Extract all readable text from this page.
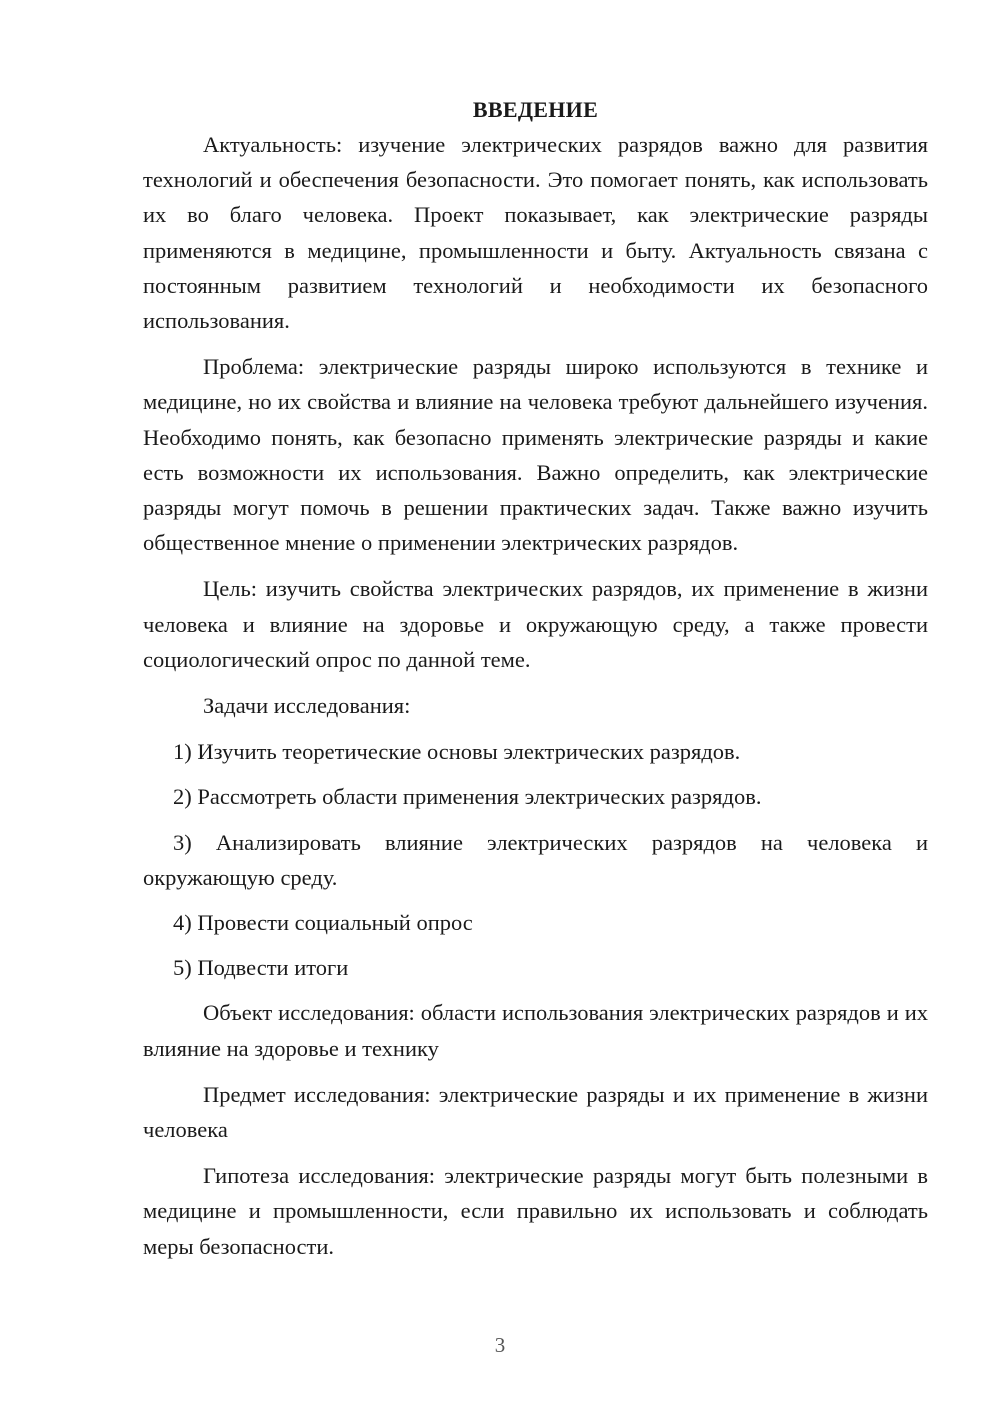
ВВЕДЕНИЕ

Актуальность: изучение электрических разрядов важно для развития технологий и обеспечения безопасности. Это помогает понять, как использовать их во благо человека. Проект показывает, как электрические разряды применяются в медицине, промышленности и быту. Актуальность связана с постоянным развитием технологий и необходимости их безопасного использования.

Проблема: электрические разряды широко используются в технике и медицине, но их свойства и влияние на человека требуют дальнейшего изучения. Необходимо понять, как безопасно применять электрические разряды и какие есть возможности их использования. Важно определить, как электрические разряды могут помочь в решении практических задач. Также важно изучить общественное мнение о применении электрических разрядов.

Цель: изучить свойства электрических разрядов, их применение в жизни человека и влияние на здоровье и окружающую среду, а также провести социологический опрос по данной теме.

Задачи исследования:

1) Изучить теоретические основы электрических разрядов.

2) Рассмотреть области применения электрических разрядов.

3) Анализировать влияние электрических разрядов на человека и окружающую среду.

4) Провести социальный опрос

5) Подвести итоги

Объект исследования: области использования электрических разрядов и их влияние на здоровье и технику

Предмет исследования: электрические разряды и их применение в жизни человека

Гипотеза исследования: электрические разряды могут быть полезными в медицине и промышленности, если правильно их использовать и соблюдать меры безопасности.

3
